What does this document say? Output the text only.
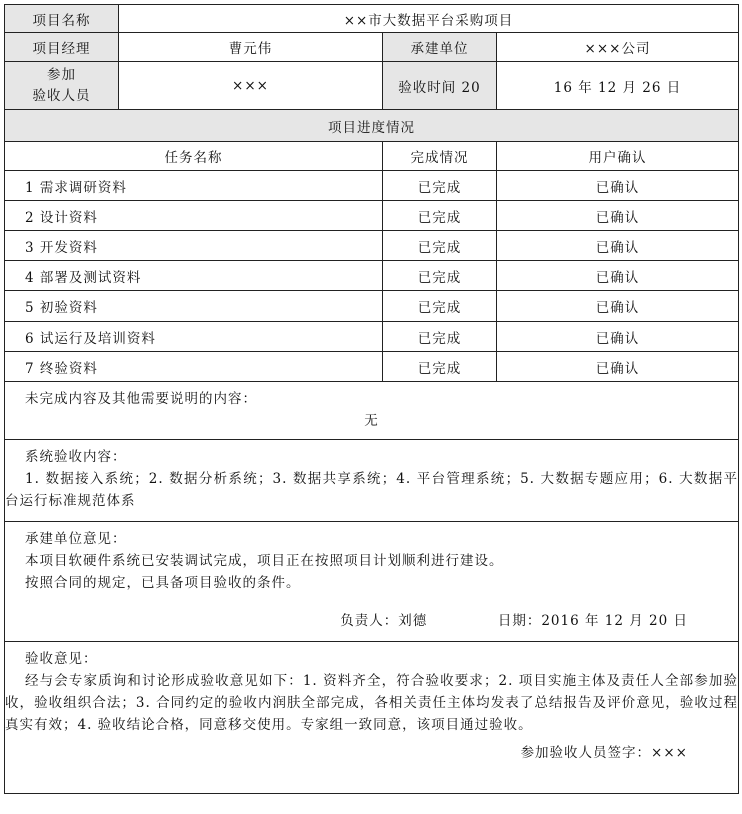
项目名称	××市大数据平台采购项目		
项目经理	曹元伟	承建单位	×××公司

参加
验收人员	×××	验收时间 20	16 年 12 月 26 日
项目进度情况			
任务名称		完成情况	用户确认
1 需求调研资料		已完成	已确认
2 设计资料		已完成	已确认
3 开发资料		已完成	已确认
4 部署及测试资料		已完成	已确认
5 初验资料		已完成	已确认
6 试运行及培训资料		已完成	已确认
7 终验资料		已完成	已确认

未完成内容及其他需要说明的内容：

无			

系统验收内容：

1. 数据接入系统；2. 数据分析系统；3. 数据共享系统；4. 平台管理系统；5. 大数据专题应用；6. 大数据平台运行标准规范体系			

承建单位意见：

本项目软硬件系统已安装调试完成，项目正在按照项目计划顺利进行建设。

按照合同的规定，已具备项目验收的条件。

负责人：刘德 日期：2016 年 12 月 20 日			

验收意见：

经与会专家质询和讨论形成验收意见如下：1. 资料齐全，符合验收要求；2. 项目实施主体及责任人全部参加验收，验收组织合法；3. 合同约定的验收内润肤全部完成，各相关责任主体均发表了总结报告及评价意见，验收过程真实有效；4. 验收结论合格，同意移交使用。专家组一致同意，该项目通过验收。

参加验收人员签字：×××			
